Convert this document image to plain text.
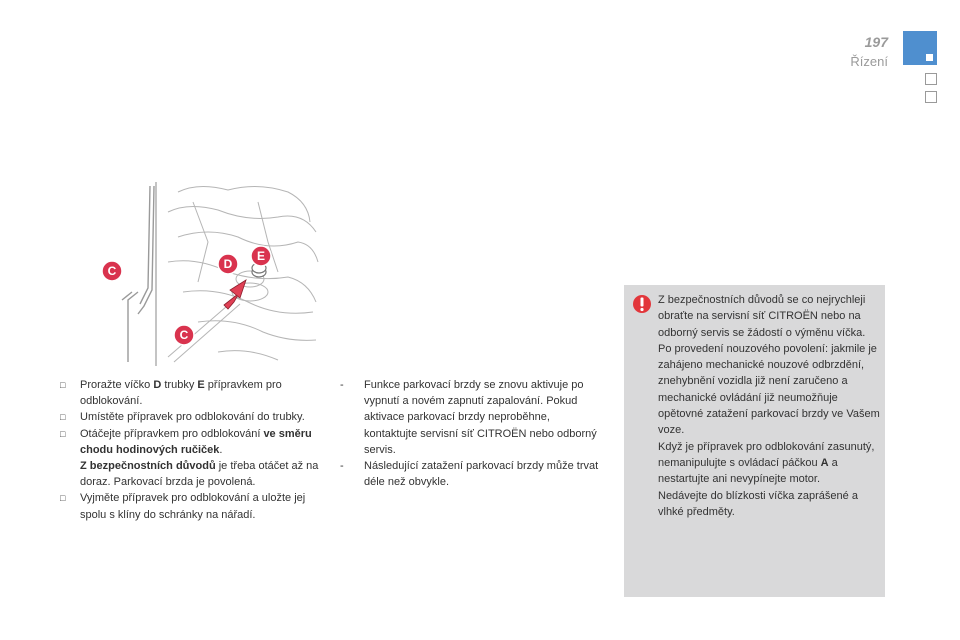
197
Řízení
C
C
D
E

□ Proražte víčko D trubky E přípravkem pro odblokování.

□ Umístěte přípravek pro odblokování do trubky.

□ Otáčejte přípravkem pro odblokování ve směru chodu hodinových ručiček.
Z bezpečnostních důvodů je třeba otáčet až na doraz. Parkovací brzda je povolená.

□ Vyjměte přípravek pro odblokování a uložte jej spolu s klíny do schránky na nářadí.

- Funkce parkovací brzdy se znovu aktivuje po vypnutí a novém zapnutí zapalování. Pokud aktivace parkovací brzdy neproběhne, kontaktujte servisní síť CITROËN nebo odborný servis.

- Následující zatažení parkovací brzdy může trvat déle než obvykle.

Z bezpečnostních důvodů se co nejrychleji obraťte na servisní síť CITROËN nebo na odborný servis se žádostí o výměnu víčka.
Po provedení nouzového povolení: jakmile je zahájeno mechanické nouzové odbrzdění, znehybnění vozidla již není zaručeno a mechanické ovládání již neumožňuje opětovné zatažení parkovací brzdy ve Vašem voze.
Když je přípravek pro odblokování zasunutý, nemanipulujte s ovládací páčkou A a nestartujte ani nevypínejte motor.
Nedávejte do blízkosti víčka zaprášené a vlhké předměty.
